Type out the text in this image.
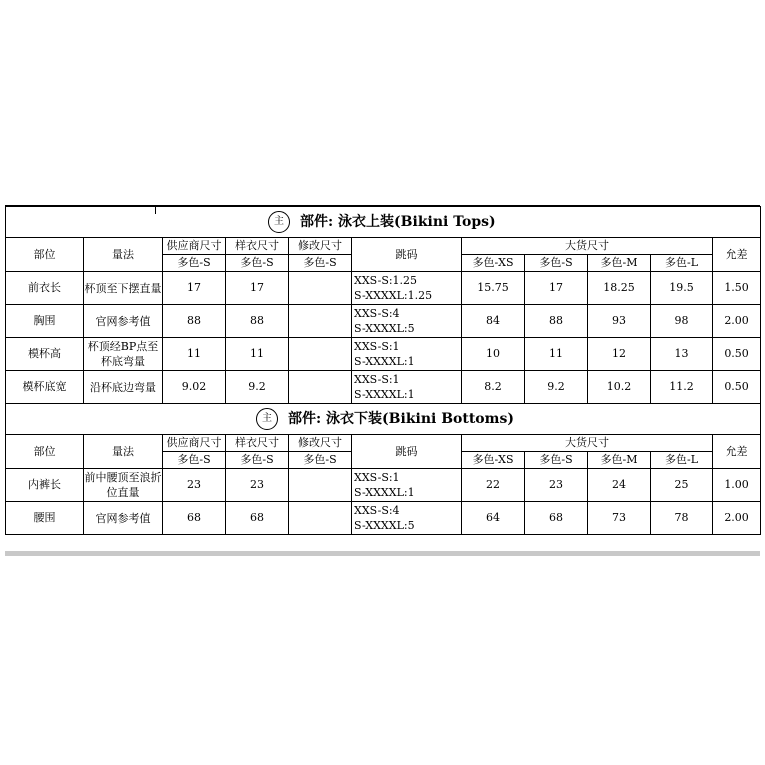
主 部件: 泳衣上装(Bikini Tops)										

部位	量法	供应商尺寸	样衣尺寸	修改尺寸	跳码	大货尺寸				允差
		多色-S	多色-S	多色-S		多色-XS	多色-S	多色-M	多色-L	
前衣长	杯顶至下摆直量	17	17		XXS-S:1.25
S-XXXXL:1.25	15.75	17	18.25	19.5	1.50
胸围	官网参考值	88	88		XXS-S:4
S-XXXXL:5	84	88	93	98	2.00
模杯高	杯顶经BP点至杯底弯量	11	11		XXS-S:1
S-XXXXL:1	10	11	12	13	0.50
模杯底宽	沿杯底边弯量	9.02	9.2		XXS-S:1
S-XXXXL:1	8.2	9.2	10.2	11.2	0.50

主 部件: 泳衣下装(Bikini Bottoms)										

部位	量法	供应商尺寸	样衣尺寸	修改尺寸	跳码	大货尺寸				允差
		多色-S	多色-S	多色-S		多色-XS	多色-S	多色-M	多色-L	
内裤长	前中腰顶至浪折位直量	23	23		XXS-S:1
S-XXXXL:1	22	23	24	25	1.00
腰围	官网参考值	68	68		XXS-S:4
S-XXXXL:5	64	68	73	78	2.00
